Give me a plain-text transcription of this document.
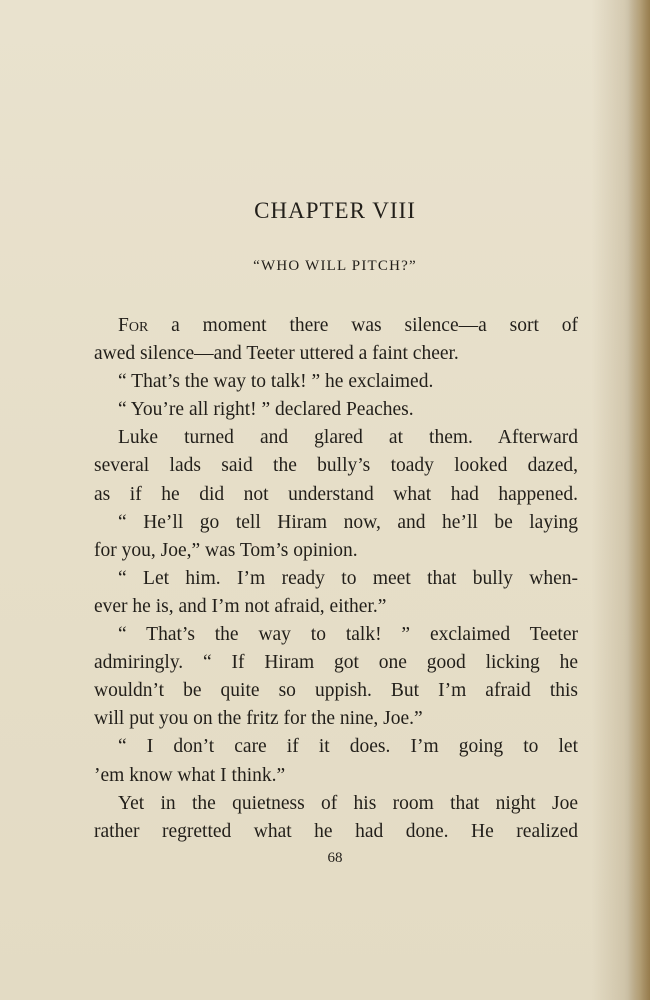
CHAPTER VIII
“WHO WILL PITCH?”
For a moment there was silence—a sort of
awed silence—and Teeter uttered a faint cheer.
“ That’s the way to talk! ” he exclaimed.
“ You’re all right! ” declared Peaches.
Luke turned and glared at them. Afterward
several lads said the bully’s toady looked dazed,
as if he did not understand what had happened.
“ He’ll go tell Hiram now, and he’ll be laying
for you, Joe,” was Tom’s opinion.
“ Let him. I’m ready to meet that bully when-
ever he is, and I’m not afraid, either.”
“ That’s the way to talk! ” exclaimed Teeter
admiringly. “ If Hiram got one good licking he
wouldn’t be quite so uppish. But I’m afraid this
will put you on the fritz for the nine, Joe.”
“ I don’t care if it does. I’m going to let
’em know what I think.”
Yet in the quietness of his room that night Joe
rather regretted what he had done. He realized
68
